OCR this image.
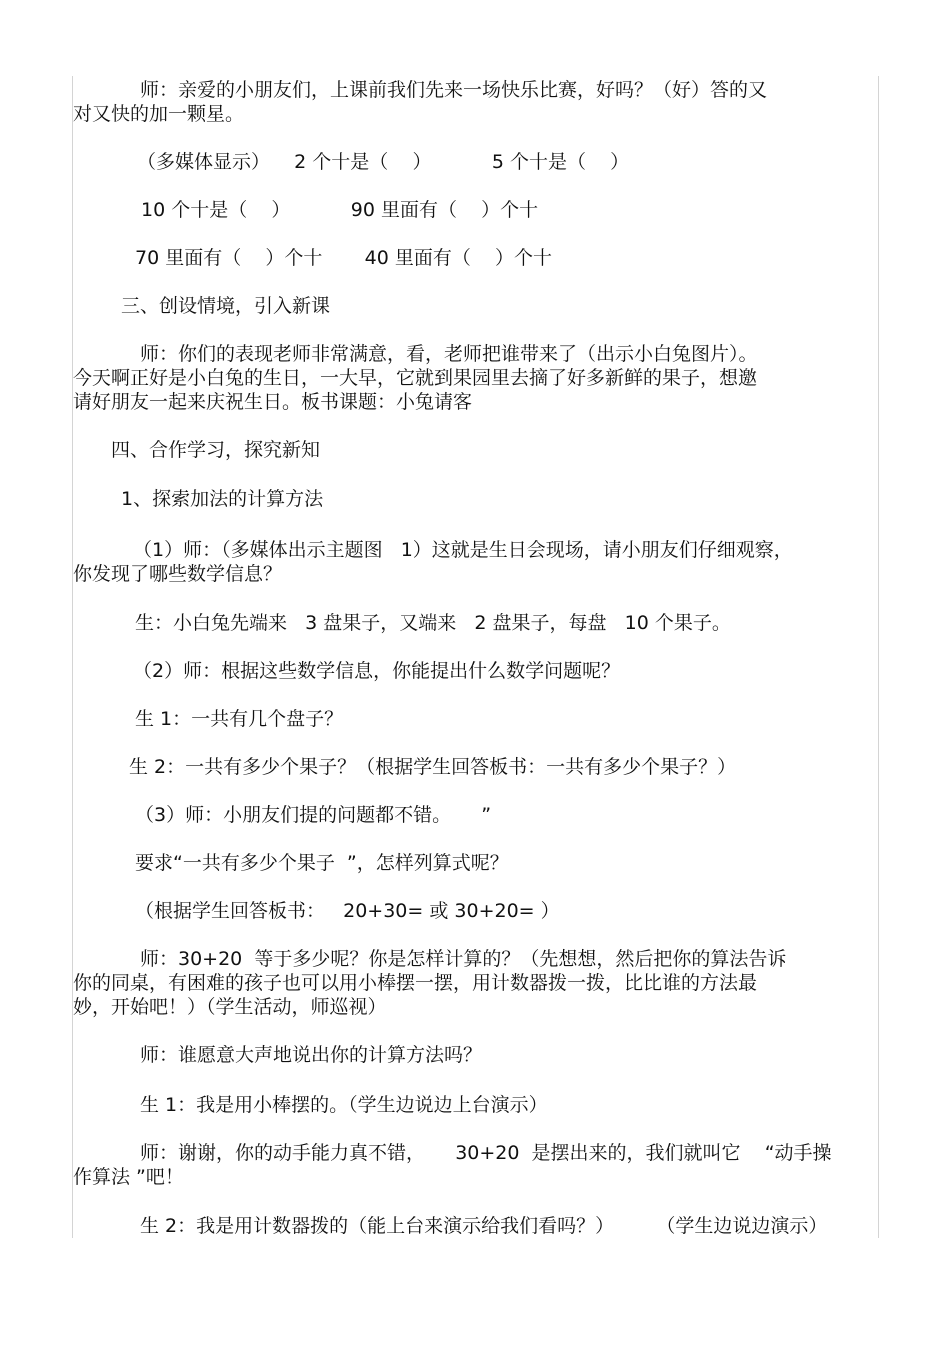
师：亲爱的小朋友们，上课前我们先来一场快乐比赛，好吗？（好）答的又

对又快的加一颗星。

（多媒体显示）    2 个十是（    ）          5 个十是（    ）

10 个十是（    ）          90 里面有（    ）个十

70 里面有（    ）个十       40 里面有（    ）个十

三、创设情境，引入新课

师：你们的表现老师非常满意，看，老师把谁带来了（出示小白兔图片）。

今天啊正好是小白兔的生日，一大早，它就到果园里去摘了好多新鲜的果子，想邀

请好朋友一起来庆祝生日。板书课题：小兔请客

四、合作学习，探究新知

1、探索加法的计算方法

（1）师：（多媒体出示主题图   1）这就是生日会现场，请小朋友们仔细观察，

你发现了哪些数学信息？

生：小白兔先端来   3 盘果子，又端来   2 盘果子，每盘   10 个果子。

（2）师：根据这些数学信息，你能提出什么数学问题呢？

生 1：一共有几个盘子？

生 2：一共有多少个果子？（根据学生回答板书：一共有多少个果子？）

（3）师：小朋友们提的问题都不错。     ”

要求“一共有多少个果子  ”，怎样列算式呢？

（根据学生回答板书：   20+30= 或 30+20= ）

师：30+20  等于多少呢？你是怎样计算的？（先想想，然后把你的算法告诉

你的同桌，有困难的孩子也可以用小棒摆一摆，用计数器拨一拨，比比谁的方法最

妙，开始吧！）（学生活动，师巡视）

师：谁愿意大声地说出你的计算方法吗？

生 1：我是用小棒摆的。（学生边说边上台演示）

师：谢谢，你的动手能力真不错，     30+20  是摆出来的，我们就叫它    “动手操

作算法 ”吧！

生 2：我是用计数器拨的（能上台来演示给我们看吗？）       （学生边说边演示）
